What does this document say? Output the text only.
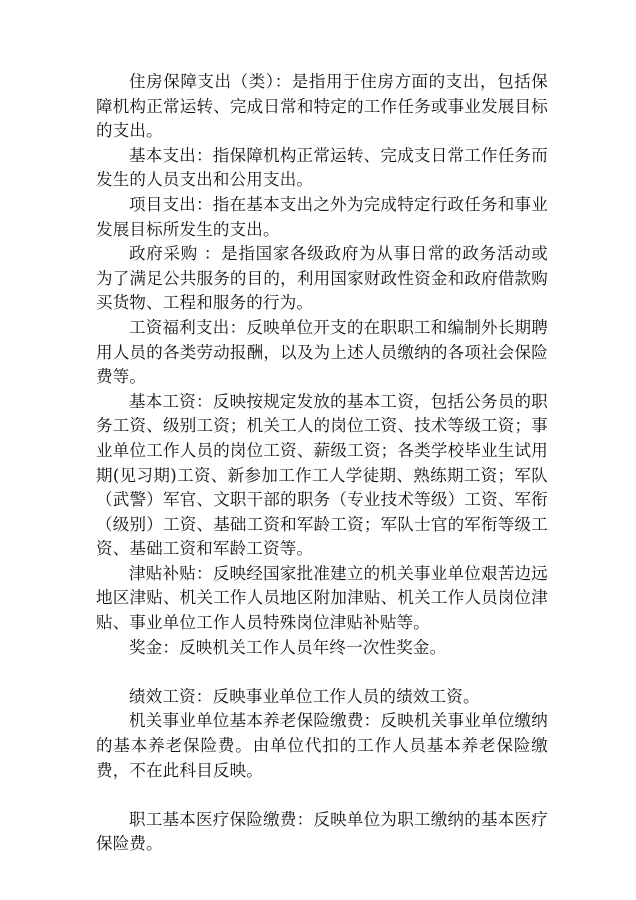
住房保障支出（类）：是指用于住房方面的支出，包括保障机构正常运转、完成日常和特定的工作任务或事业发展目标的支出。

基本支出：指保障机构正常运转、完成支日常工作任务而发生的人员支出和公用支出。

项目支出：指在基本支出之外为完成特定行政任务和事业发展目标所发生的支出。

政府采购 ：是指国家各级政府为从事日常的政务活动或为了满足公共服务的目的，利用国家财政性资金和政府借款购买货物、工程和服务的行为。

工资福利支出：反映单位开支的在职职工和编制外长期聘用人员的各类劳动报酬，以及为上述人员缴纳的各项社会保险费等。

基本工资：反映按规定发放的基本工资，包括公务员的职务工资、级别工资；机关工人的岗位工资、技术等级工资；事业单位工作人员的岗位工资、薪级工资；各类学校毕业生试用期(见习期)工资、新参加工作工人学徒期、熟练期工资；军队（武警）军官、文职干部的职务（专业技术等级）工资、军衔（级别）工资、基础工资和军龄工资；军队士官的军衔等级工资、基础工资和军龄工资等。

津贴补贴：反映经国家批准建立的机关事业单位艰苦边远地区津贴、机关工作人员地区附加津贴、机关工作人员岗位津贴、事业单位工作人员特殊岗位津贴补贴等。

奖金：反映机关工作人员年终一次性奖金。

绩效工资：反映事业单位工作人员的绩效工资。

机关事业单位基本养老保险缴费：反映机关事业单位缴纳的基本养老保险费。由单位代扣的工作人员基本养老保险缴费，不在此科目反映。

职工基本医疗保险缴费：反映单位为职工缴纳的基本医疗保险费。
